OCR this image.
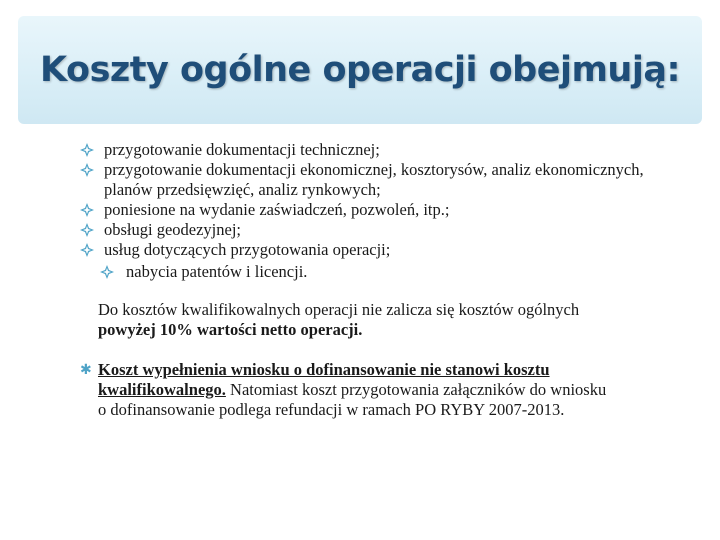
Koszty ogólne operacji obejmują:
przygotowanie dokumentacji technicznej;
przygotowanie dokumentacji ekonomicznej, kosztorysów, analiz ekonomicznych, planów przedsięwzięć, analiz rynkowych;
poniesione na wydanie zaświadczeń, pozwoleń, itp.;
obsługi geodezyjnej;
usług dotyczących przygotowania operacji;
nabycia patentów i licencji.
Do kosztów kwalifikowalnych operacji nie zalicza się kosztów ogólnych powyżej 10% wartości netto operacji.
✱ Koszt wypełnienia wniosku o dofinansowanie nie stanowi kosztu kwalifikowalnego. Natomiast koszt przygotowania załączników do wniosku
o dofinansowanie podlega refundacji w ramach PO RYBY 2007-2013.
